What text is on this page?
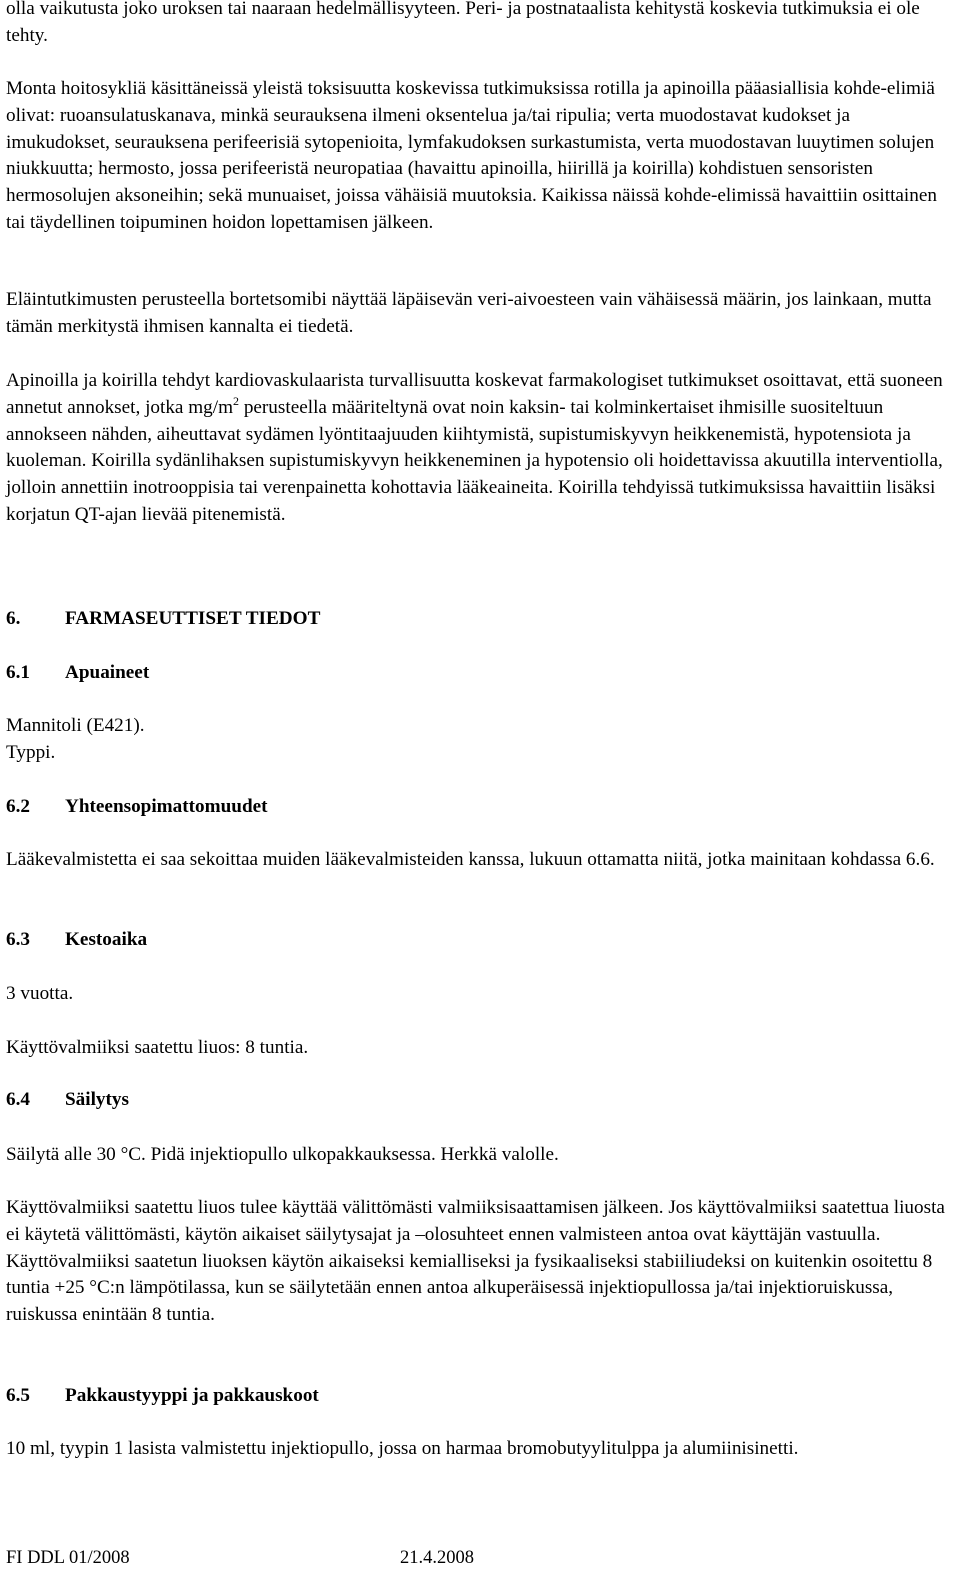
olla vaikutusta joko uroksen tai naaraan hedelmällisyyteen. Peri- ja postnataalista kehitystä koskevia tutkimuksia ei ole tehty.

Monta hoitosykliä käsittäneissä yleistä toksisuutta koskevissa tutkimuksissa rotilla ja apinoilla pääasiallisia kohde-elimiä olivat: ruoansulatuskanava, minkä seurauksena ilmeni oksentelua ja/tai ripulia; verta muodostavat kudokset ja imukudokset, seurauksena perifeerisiä sytopenioita, lymfakudoksen surkastumista, verta muodostavan luuytimen solujen niukkuutta; hermosto, jossa perifeeristä neuropatiaa (havaittu apinoilla, hiirillä ja koirilla) kohdistuen sensoristen hermosolujen aksoneihin; sekä munuaiset, joissa vähäisiä muutoksia. Kaikissa näissä kohde-elimissä havaittiin osittainen tai täydellinen toipuminen hoidon lopettamisen jälkeen.

Eläintutkimusten perusteella bortetsomibi näyttää läpäisevän veri-aivoesteen vain vähäisessä määrin, jos lainkaan, mutta tämän merkitystä ihmisen kannalta ei tiedetä.

Apinoilla ja koirilla tehdyt kardiovaskulaarista turvallisuutta koskevat farmakologiset tutkimukset osoittavat, että suoneen annetut annokset, jotka $mg/m^2$ perusteella määriteltynä ovat noin kaksin- tai kolminkertaiset ihmisille suositeltuun annokseen nähden, aiheuttavat sydämen lyöntitaajuuden kiihtymistä, supistumiskyvyn heikkenemistä, hypotensiota ja kuoleman. Koirilla sydänlihaksen supistumiskyvyn heikkeneminen ja hypotensio oli hoidettavissa akuutilla interventiolla, jolloin annettiin inotrooppisia tai verenpainetta kohottavia lääkeaineita. Koirilla tehdyissä tutkimuksissa havaittiin lisäksi korjatun QT-ajan lievää pitenemistä.

6. FARMASEUTTISET TIEDOT
6.1 Apuaineet

Mannitoli (E421).

Typpi.

6.2 Yhteensopimattomuudet

Lääkevalmistetta ei saa sekoittaa muiden lääkevalmisteiden kanssa, lukuun ottamatta niitä, jotka mainitaan kohdassa 6.6.

6.3 Kestoaika

3 vuotta.

Käyttövalmiiksi saatettu liuos: 8 tuntia.

6.4 Säilytys

Säilytä alle 30 °C. Pidä injektiopullo ulkopakkauksessa. Herkkä valolle.

Käyttövalmiiksi saatettu liuos tulee käyttää välittömästi valmiiksisaattamisen jälkeen. Jos käyttövalmiiksi saatettua liuosta ei käytetä välittömästi, käytön aikaiset säilytysajat ja –olosuhteet ennen valmisteen antoa ovat käyttäjän vastuulla. Käyttövalmiiksi saatetun liuoksen käytön aikaiseksi kemialliseksi ja fysikaaliseksi stabiiliudeksi on kuitenkin osoitettu 8 tuntia +25 °C:n lämpötilassa, kun se säilytetään ennen antoa alkuperäisessä injektiopullossa ja/tai injektioruiskussa, ruiskussa enintään 8 tuntia.

6.5 Pakkaustyyppi ja pakkauskoot

10 ml, tyypin 1 lasista valmistettu injektiopullo, jossa on harmaa bromobutyylitulppa ja alumiinisinetti.

FI DDL 01/2008	21.4.2008
